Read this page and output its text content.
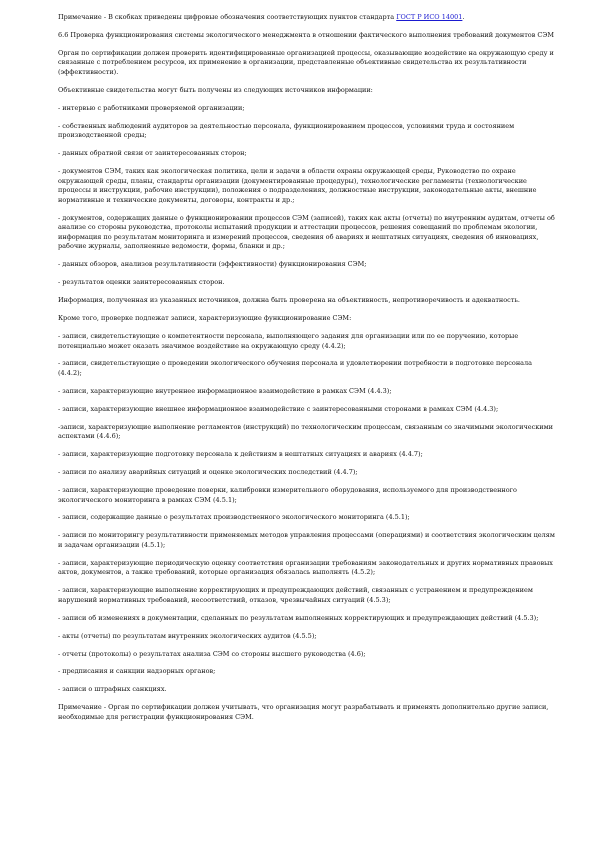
Примечание - В скобках приведены цифровые обозначения соответствующих пунктов стандарта ГОСТ Р ИСО 14001.

6.6 Проверка функционирования системы экологического менеджмента в отношении фактического выполнения требований документов СЭМ

Орган по сертификации должен проверить идентифицированные организацией процессы, оказывающие воздействие на окружающую среду и связанные с потреблением ресурсов, их применение в организации, представленные объективные свидетельства их результативности (эффективности).

Объективные свидетельства могут быть получены из следующих источников информации:

- интервью с работниками проверяемой организации;

- собственных наблюдений аудиторов за деятельностью персонала, функционированием процессов, условиями труда и состоянием производственной среды;

- данных обратной связи от заинтересованных сторон;

- документов СЭМ, таких как экологическая политика, цели и задачи в области охраны окружающей среды, Руководство по охране окружающей среды, планы, стандарты организации (документированные процедуры), технологические регламенты (технологические процессы и инструкции, рабочие инструкции), положения о подразделениях, должностные инструкции, законодательные акты, внешние нормативные и технические документы, договоры, контракты и др.;

- документов, содержащих данные о функционировании процессов СЭМ (записей), таких как акты (отчеты) по внутренним аудитам, отчеты об анализе со стороны руководства, протоколы испытаний продукции и аттестации процессов, решения совещаний по проблемам экологии, информация по результатам мониторинга и измерений процессов, сведения об авариях и нештатных ситуациях, сведения об инновациях, рабочие журналы, заполненные ведомости, формы, бланки и др.;

- данных обзоров, анализов результативности (эффективности) функционирования СЭМ;

- результатов оценки заинтересованных сторон.

Информация, полученная из указанных источников, должна быть проверена на объективность, непротиворечивость и адекватность.

Кроме того, проверке подлежат записи, характеризующие функционирование СЭМ:

- записи, свидетельствующие о компетентности персонала, выполняющего задания для организации или по ее поручению, которые потенциально может оказать значимое воздействие на окружающую среду (4.4.2);

- записи, свидетельствующие о проведении экологического обучения персонала и удовлетворении потребности в подготовке персонала (4.4.2);

- записи, характеризующие внутреннее информационное взаимодействие в рамках СЭМ (4.4.3);

- записи, характеризующие внешнее информационное взаимодействие с заинтересованными сторонами в рамках СЭМ (4.4.3);

-записи, характеризующие выполнение регламентов (инструкций) по технологическим процессам, связанным со значимыми экологическими аспектами (4.4.6);

- записи, характеризующие подготовку персонала к действиям в нештатных ситуациях и авариях (4.4.7);

- записи по анализу аварийных ситуаций и оценке экологических последствий (4.4.7);

- записи, характеризующие проведение поверки, калибровки измерительного оборудования, используемого для производственного экологического мониторинга в рамках СЭМ (4.5.1);

- записи, содержащие данные о результатах производственного экологического мониторинга (4.5.1);

- записи по мониторингу результативности применяемых методов управления процессами (операциями) и соответствия экологическим целям и задачам организации (4.5.1);

- записи, характеризующие периодическую оценку соответствия организации требованиям законодательных и других нормативных правовых актов, документов, а также требований, которые организация обязалась выполнять (4.5.2);

- записи, характеризующие выполнение корректирующих и предупреждающих действий, связанных с устранением и предупреждением нарушений нормативных требований, несоответствий, отказов, чрезвычайных ситуаций (4.5.3);

- записи об изменениях в документации, сделанных по результатам выполненных корректирующих и предупреждающих действий (4.5.3);

- акты (отчеты) по результатам внутренних экологических аудитов (4.5.5);

- отчеты (протоколы) о результатах анализа СЭМ со стороны высшего руководства (4.6);

- предписания и санкции надзорных органов;

- записи о штрафных санкциях.

Примечание - Орган по сертификации должен учитывать, что организация могут разрабатывать и применять дополнительно другие записи, необходимые для регистрации функционирования СЭМ.
